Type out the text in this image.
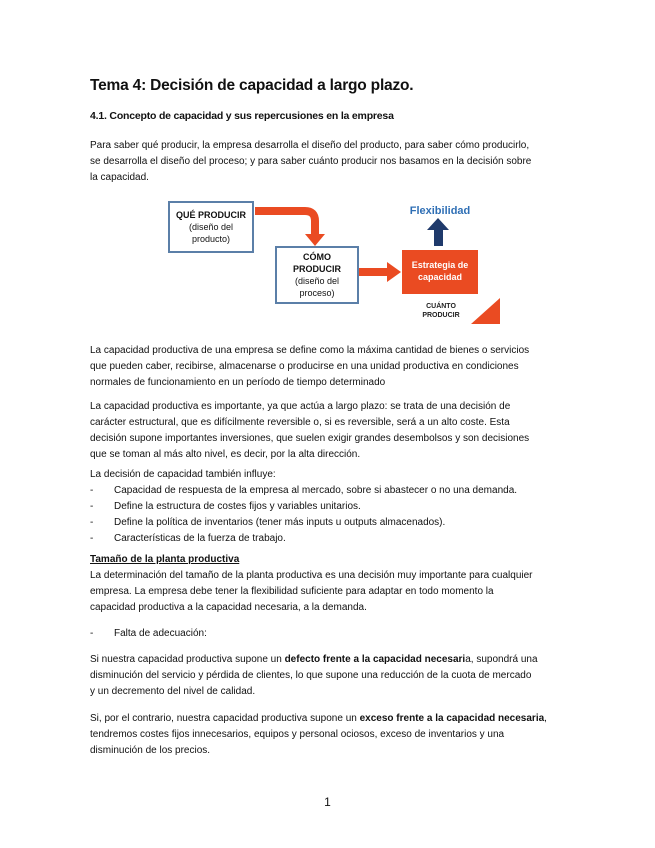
Tema 4: Decisión de capacidad a largo plazo.
4.1. Concepto de capacidad y sus repercusiones en la empresa
Para saber qué producir, la empresa desarrolla el diseño del producto, para saber cómo producirlo,
se desarrolla el diseño del proceso; y para saber cuánto producir nos basamos en la decisión sobre
la capacidad.
QUÉ PRODUCIR
(diseño del
producto)
CÓMO
PRODUCIR
(diseño del
proceso)
Estrategia de
capacidad
Flexibilidad
CUÁNTO
PRODUCIR
La capacidad productiva de una empresa se define como la máxima cantidad de bienes o servicios
que pueden caber, recibirse, almacenarse o producirse en una unidad productiva en condiciones
normales de funcionamiento en un período de tiempo determinado
La capacidad productiva es importante, ya que actúa a largo plazo: se trata de una decisión de
carácter estructural, que es difícilmente reversible o, si es reversible, será a un alto coste. Esta
decisión supone importantes inversiones, que suelen exigir grandes desembolsos y son decisiones
que se toman al más alto nivel, es decir, por la alta dirección.
La decisión de capacidad también influye:
- Capacidad de respuesta de la empresa al mercado, sobre si abastecer o no una demanda.
- Define la estructura de costes fijos y variables unitarios.
- Define la política de inventarios (tener más inputs u outputs almacenados).
- Características de la fuerza de trabajo.
Tamaño de la planta productiva
La determinación del tamaño de la planta productiva es una decisión muy importante para cualquier
empresa. La empresa debe tener la flexibilidad suficiente para adaptar en todo momento la
capacidad productiva a la capacidad necesaria, a la demanda.
- Falta de adecuación:
Si nuestra capacidad productiva supone un defecto frente a la capacidad necesaria, supondrá una
disminución del servicio y pérdida de clientes, lo que supone una reducción de la cuota de mercado
y un decremento del nivel de calidad.
Si, por el contrario, nuestra capacidad productiva supone un exceso frente a la capacidad necesaria,
tendremos costes fijos innecesarios, equipos y personal ociosos, exceso de inventarios y una
disminución de los precios.
1
